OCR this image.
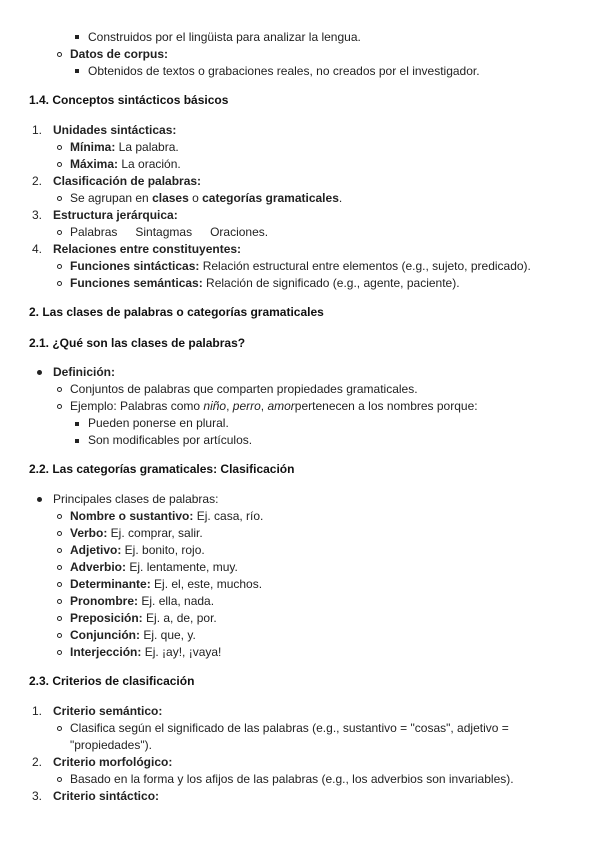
Construidos por el lingüista para analizar la lengua.
Datos de corpus:
Obtenidos de textos o grabaciones reales, no creados por el investigador.
1.4. Conceptos sintácticos básicos
1. Unidades sintácticas:
Mínima: La palabra.
Máxima: La oración.
2. Clasificación de palabras:
Se agrupan en clases o categorías gramaticales.
3. Estructura jerárquica:
Palabras Sintagmas Oraciones.
4. Relaciones entre constituyentes:
Funciones sintácticas: Relación estructural entre elementos (e.g., sujeto, predicado).
Funciones semánticas: Relación de significado (e.g., agente, paciente).
2. Las clases de palabras o categorías gramaticales
2.1. ¿Qué son las clases de palabras?
Definición:
Conjuntos de palabras que comparten propiedades gramaticales.
Ejemplo: Palabras como niño, perro, amorpertenecen a los nombres porque:
Pueden ponerse en plural.
Son modificables por artículos.
2.2. Las categorías gramaticales: Clasificación
Principales clases de palabras:
Nombre o sustantivo: Ej. casa, río.
Verbo: Ej. comprar, salir.
Adjetivo: Ej. bonito, rojo.
Adverbio: Ej. lentamente, muy.
Determinante: Ej. el, este, muchos.
Pronombre: Ej. ella, nada.
Preposición: Ej. a, de, por.
Conjunción: Ej. que, y.
Interjección: Ej. ¡ay!, ¡vaya!
2.3. Criterios de clasificación
1. Criterio semántico:
Clasifica según el significado de las palabras (e.g., sustantivo = "cosas", adjetivo =
"propiedades").
2. Criterio morfológico:
Basado en la forma y los afijos de las palabras (e.g., los adverbios son invariables).
3. Criterio sintáctico:
